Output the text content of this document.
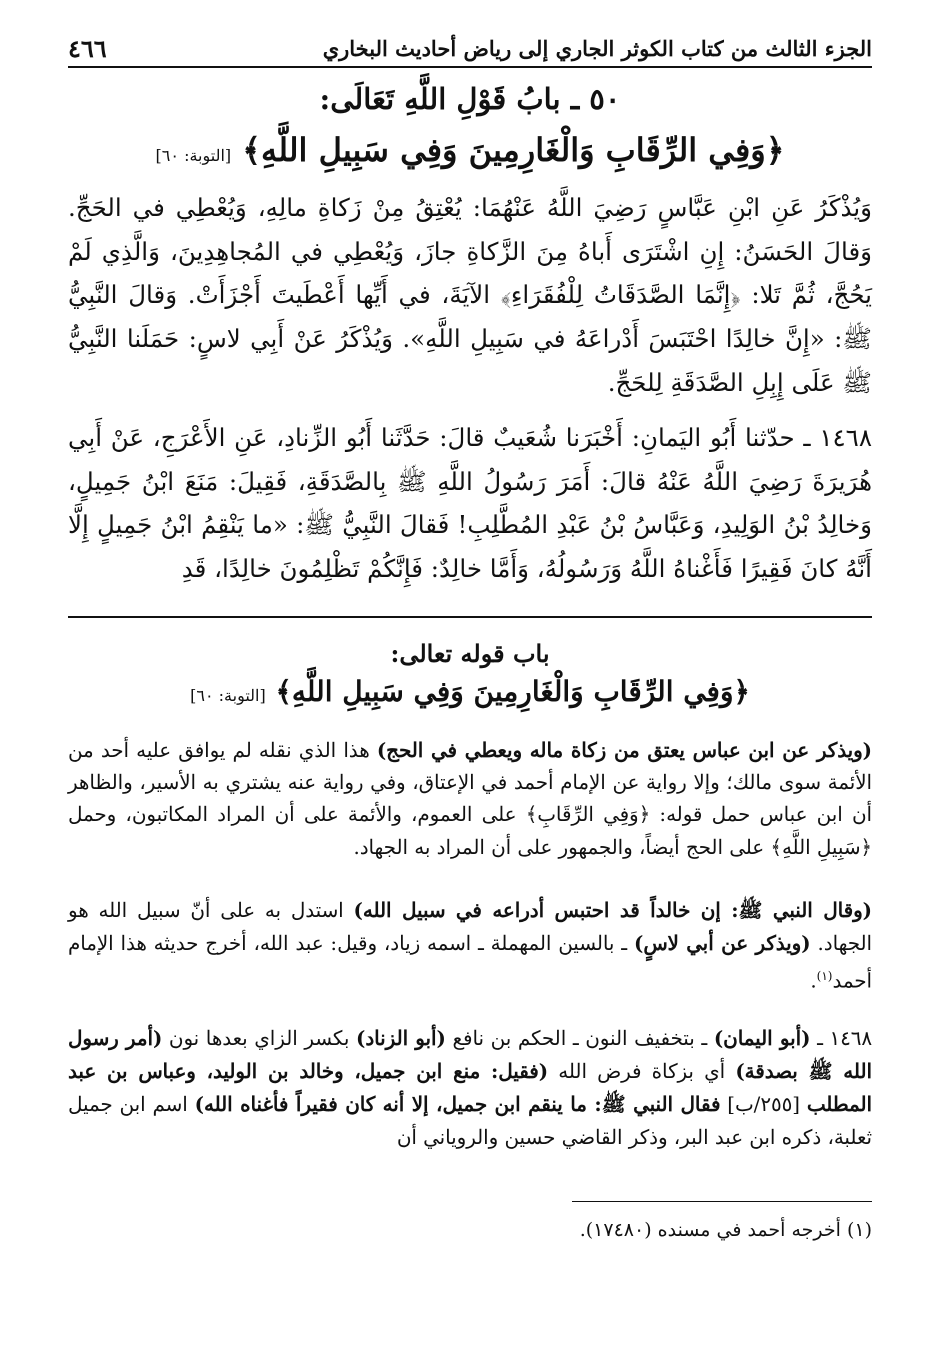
الجزء الثالث من كتاب الكوثر الجاري إلى رياض أحاديث البخاري
٤٦٦
٥٠ ـ بابُ قَوْلِ اللَّهِ تَعَالَى:
﴿وَفِي الرِّقَابِ وَالْغَارِمِينَ وَفِي سَبِيلِ اللَّهِ﴾ [التوبة: ٦٠]

وَيُذْكَرُ عَنِ ابْنِ عَبَّاسٍ رَضِيَ اللَّهُ عَنْهُمَا: يُعْتِقُ مِنْ زَكاةِ مالِهِ، وَيُعْطِي في الحَجِّ. وَقالَ الحَسَنُ: إِنِ اشْتَرَى أَباهُ مِنَ الزَّكاةِ جازَ، وَيُعْطِي في المُجاهِدِينَ، وَالَّذِي لَمْ يَحُجَّ، ثُمَّ تَلا: ﴿إِنَّمَا الصَّدَقَاتُ لِلْفُقَرَاءِ﴾ الآيَةَ، في أَيِّها أَعْطَيتَ أَجْزَأَتْ. وَقالَ النَّبِيُّ ﷺ: «إِنَّ خالِدًا احْتَبَسَ أَدْراعَهُ في سَبِيلِ اللَّهِ». وَيُذْكَرُ عَنْ أَبِي لاسٍ: حَمَلَنا النَّبِيُّ ﷺ عَلَى إِبِلِ الصَّدَقَةِ لِلحَجِّ.

١٤٦٨ ـ حدّثنا أَبُو اليَمانِ: أَخْبَرَنا شُعَيبٌ قالَ: حَدَّثَنا أَبُو الزِّنادِ، عَنِ الأَعْرَجِ، عَنْ أَبِي هُرَيرَةَ رَضِيَ اللَّهُ عَنْهُ قالَ: أَمَرَ رَسُولُ اللَّهِ ﷺ بِالصَّدَقَةِ، فَقِيلَ: مَنَعَ ابْنُ جَمِيلٍ، وَخالِدُ بْنُ الوَلِيدِ، وَعَبَّاسُ بْنُ عَبْدِ المُطَّلِبِ! فَقالَ النَّبِيُّ ﷺ: «ما يَنْقِمُ ابْنُ جَمِيلٍ إِلَّا أَنَّهُ كانَ فَقِيرًا فَأَغْناهُ اللَّهُ وَرَسُولُهُ، وَأَمَّا خالِدٌ: فَإِنَّكُمْ تَظْلِمُونَ خالِدًا، قَدِ

باب قوله تعالى:
﴿وَفِي الرِّقَابِ وَالْغَارِمِينَ وَفِي سَبِيلِ اللَّهِ﴾ [التوبة: ٦٠]

(ويذكر عن ابن عباس يعتق من زكاة ماله ويعطي في الحج) هذا الذي نقله لم يوافق عليه أحد من الأئمة سوى مالك؛ وإلا رواية عن الإمام أحمد في الإعتاق، وفي رواية عنه يشتري به الأسير، والظاهر أن ابن عباس حمل قوله: ﴿وَفِي الرِّقَابِ﴾ على العموم، والأئمة على أن المراد المكاتبون، وحمل ﴿سَبِيلِ اللَّهِ﴾ على الحج أيضاً، والجمهور على أن المراد به الجهاد.

(وقال النبي ﷺ: إن خالداً قد احتبس أدراعه في سبيل الله) استدل به على أنّ سبيل الله هو الجهاد. (ويذكر عن أبي لاسٍ) ـ بالسين المهملة ـ اسمه زياد، وقيل: عبد الله، أخرج حديثه هذا الإمام أحمد$^{(١)}$.

١٤٦٨ ـ (أبو اليمان) ـ بتخفيف النون ـ الحكم بن نافع (أبو الزناد) بكسر الزاي بعدها نون (أمر رسول الله ﷺ بصدقة) أي بزكاة فرض الله (فقيل: منع ابن جميل، وخالد بن الوليد، وعباس بن عبد المطلب [٢٥٥/ب] فقال النبي ﷺ: ما ينقم ابن جميل، إلا أنه كان فقيراً فأغناه الله) اسم ابن جميل ثعلبة، ذكره ابن عبد البر، وذكر القاضي حسين والروياني أن

(١) أخرجه أحمد في مسنده (١٧٤٨٠).
